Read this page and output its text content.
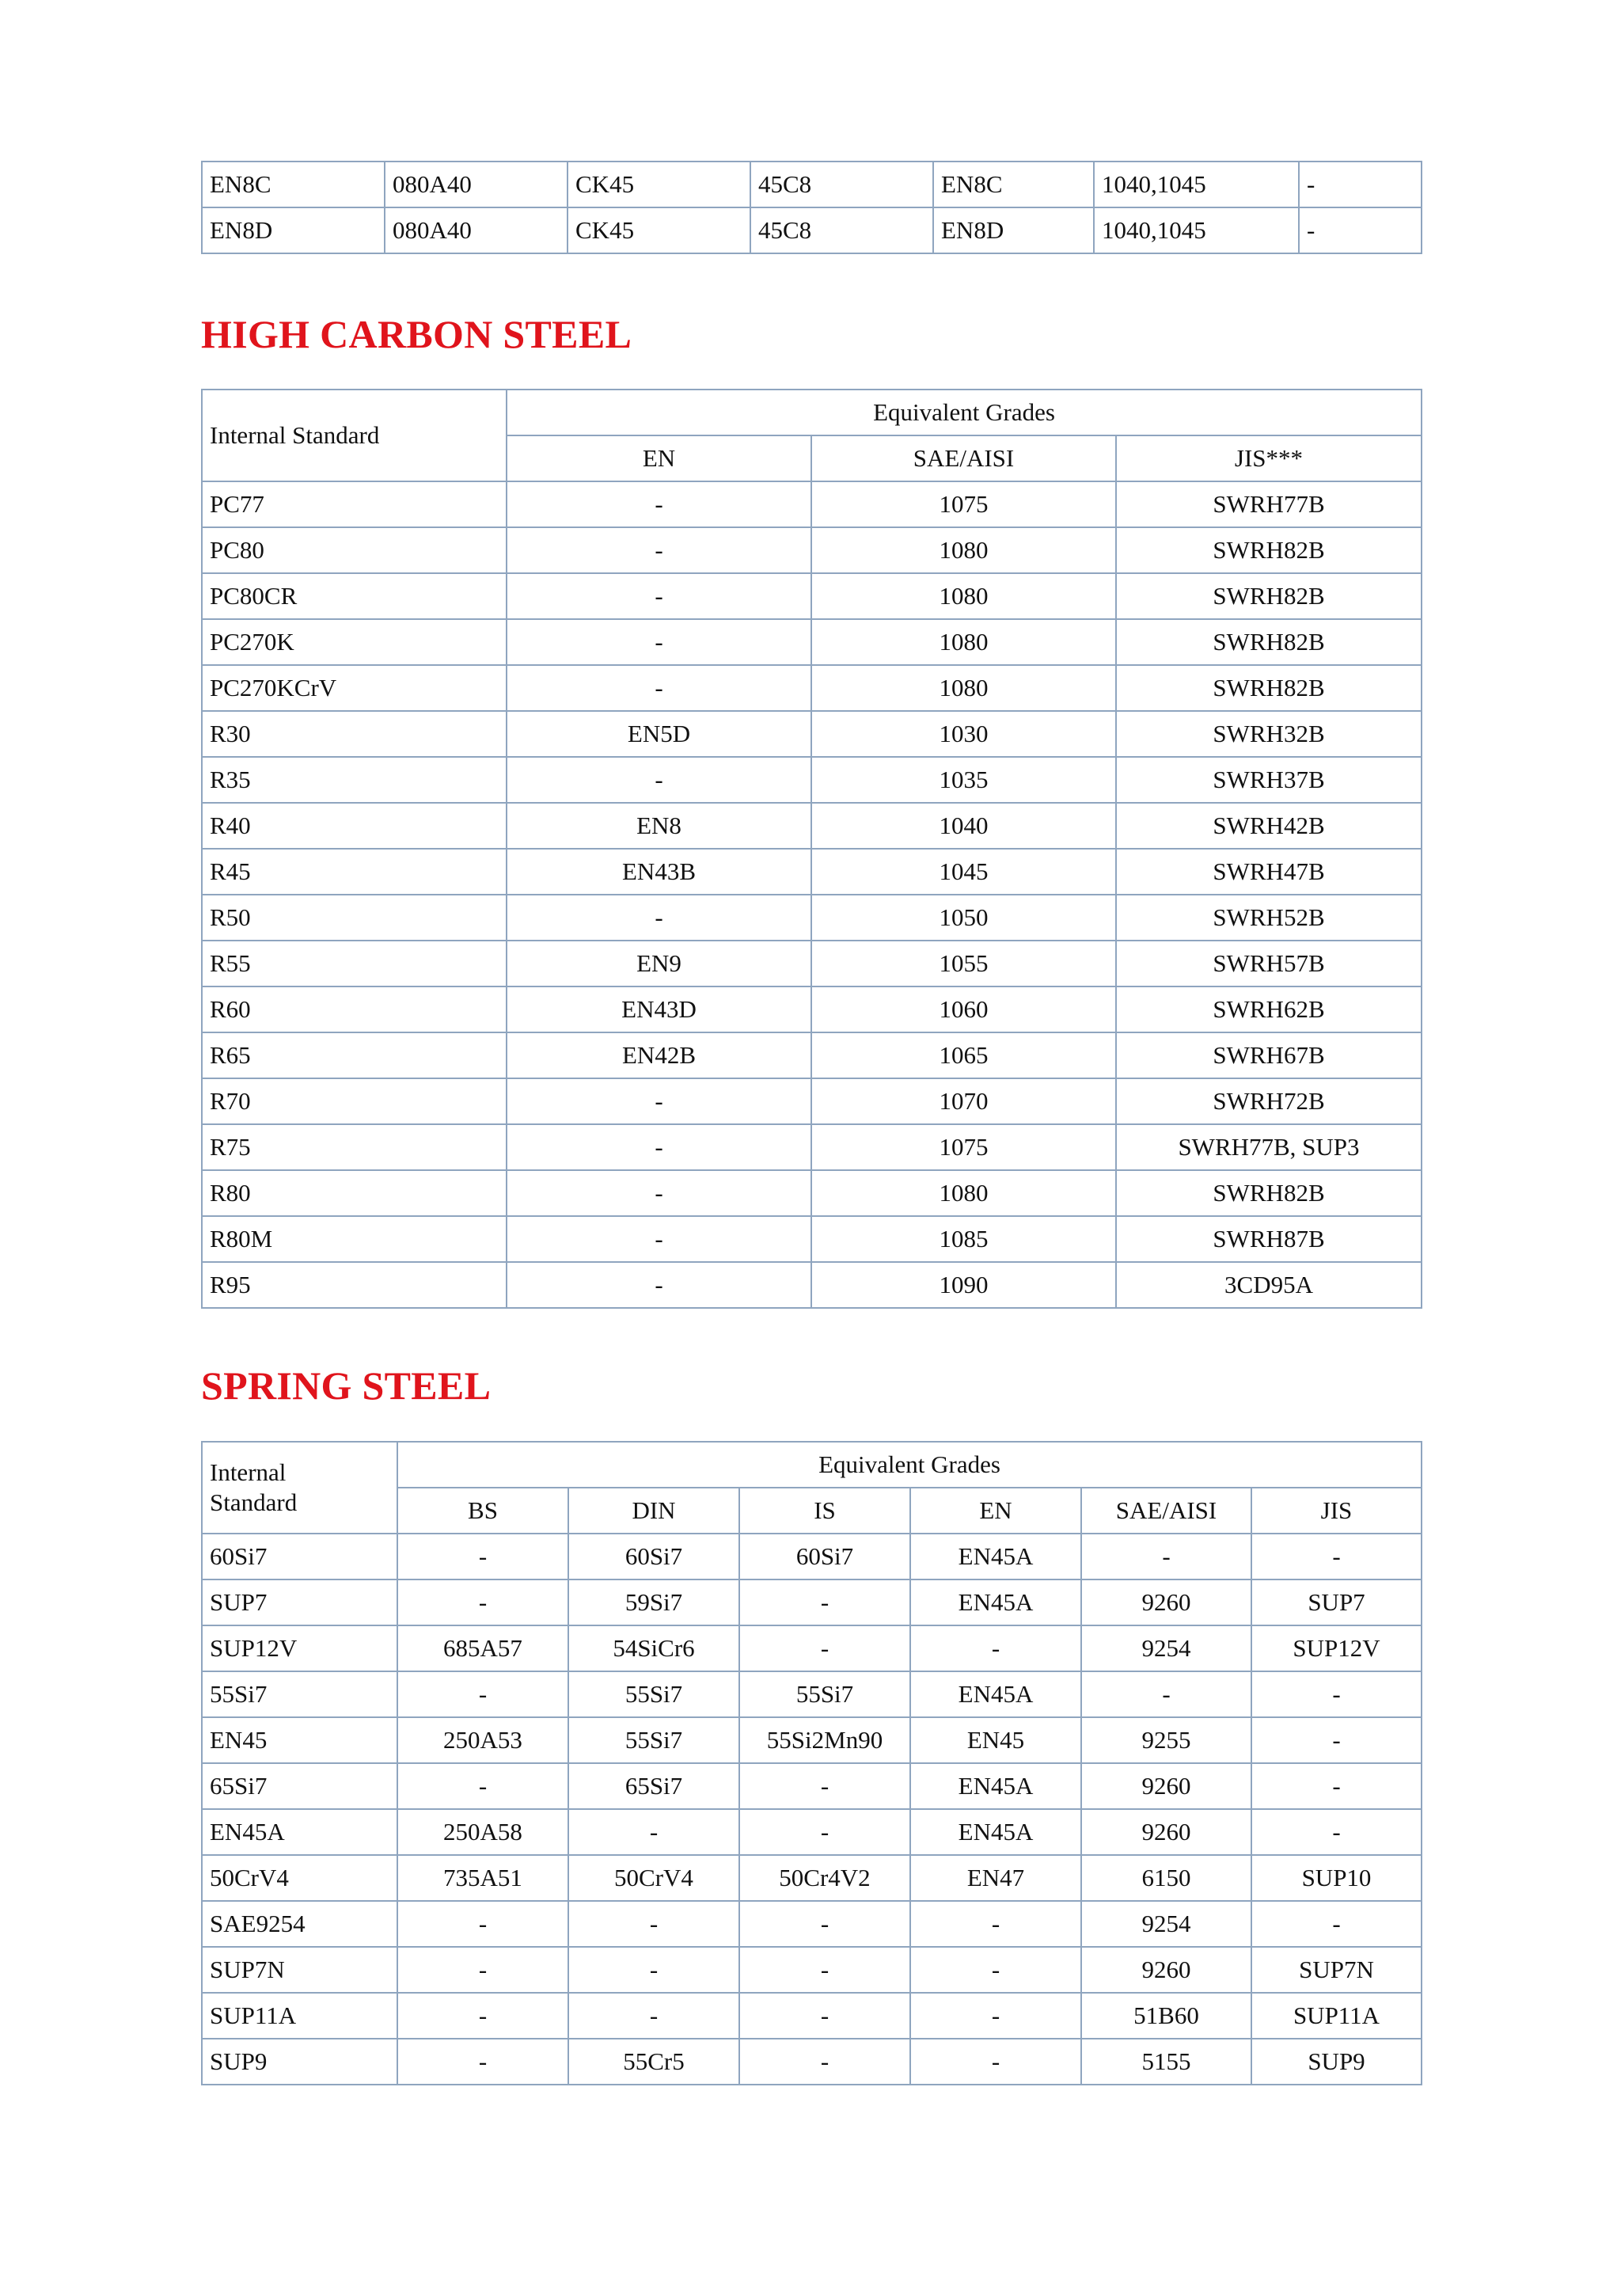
EN8C	080A40	CK45	45C8	EN8C	1040,1045	-
EN8D	080A40	CK45	45C8	EN8D	1040,1045	-
HIGH CARBON STEEL
Internal Standard	Equivalent Grades		
	EN	SAE/AISI	JIS***
PC77	-	1075	SWRH77B
PC80	-	1080	SWRH82B
PC80CR	-	1080	SWRH82B
PC270K	-	1080	SWRH82B
PC270KCrV	-	1080	SWRH82B
R30	EN5D	1030	SWRH32B
R35	-	1035	SWRH37B
R40	EN8	1040	SWRH42B
R45	EN43B	1045	SWRH47B
R50	-	1050	SWRH52B
R55	EN9	1055	SWRH57B
R60	EN43D	1060	SWRH62B
R65	EN42B	1065	SWRH67B
R70	-	1070	SWRH72B
R75	-	1075	SWRH77B, SUP3
R80	-	1080	SWRH82B
R80M	-	1085	SWRH87B
R95	-	1090	3CD95A
SPRING STEEL
Internal
Standard	Equivalent Grades					
	BS	DIN	IS	EN	SAE/AISI	JIS
60Si7	-	60Si7	60Si7	EN45A	-	-
SUP7	-	59Si7	-	EN45A	9260	SUP7
SUP12V	685A57	54SiCr6	-	-	9254	SUP12V
55Si7	-	55Si7	55Si7	EN45A	-	-
EN45	250A53	55Si7	55Si2Mn90	EN45	9255	-
65Si7	-	65Si7	-	EN45A	9260	-
EN45A	250A58	-	-	EN45A	9260	-
50CrV4	735A51	50CrV4	50Cr4V2	EN47	6150	SUP10
SAE9254	-	-	-	-	9254	-
SUP7N	-	-	-	-	9260	SUP7N
SUP11A	-	-	-	-	51B60	SUP11A
SUP9	-	55Cr5	-	-	5155	SUP9
